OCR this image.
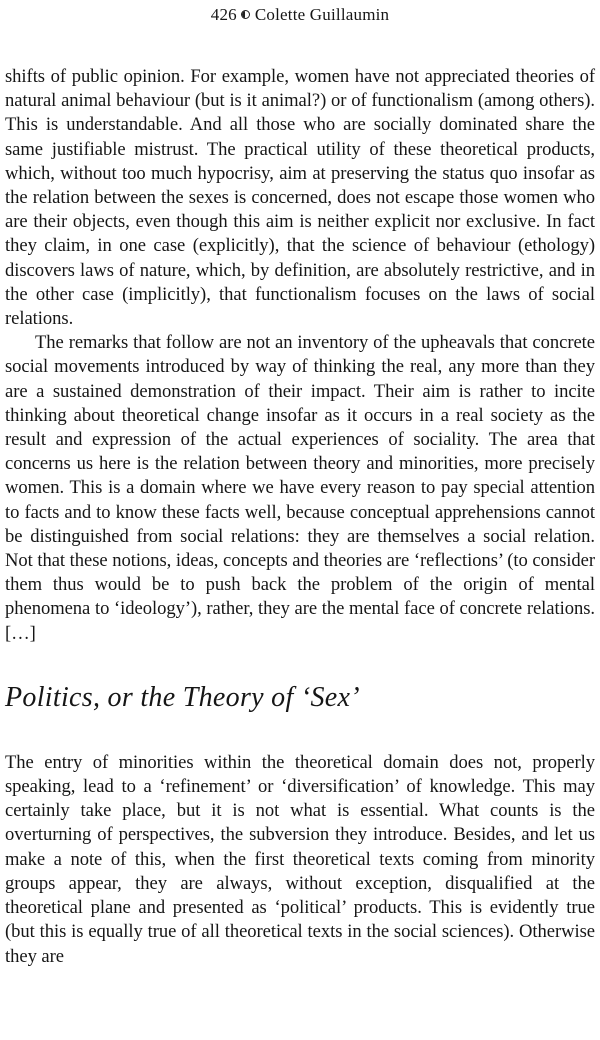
426 Colette Guillaumin

shifts of public opinion. For example, women have not appreciated theories of natural animal behaviour (but is it animal?) or of functionalism (among others). This is understandable. And all those who are socially dominated share the same justifiable mistrust. The practical utility of these theoretical products, which, without too much hypocrisy, aim at preserving the status quo insofar as the relation between the sexes is concerned, does not escape those women who are their objects, even though this aim is neither explicit nor exclusive. In fact they claim, in one case (explicitly), that the science of behaviour (ethology) discovers laws of nature, which, by definition, are absolutely restrictive, and in the other case (implicitly), that functionalism focuses on the laws of social relations.

The remarks that follow are not an inventory of the upheavals that concrete social movements introduced by way of thinking the real, any more than they are a sustained demonstration of their impact. Their aim is rather to incite thinking about theoretical change insofar as it occurs in a real society as the result and expression of the actual experiences of sociality. The area that concerns us here is the relation between theory and minorities, more precisely women. This is a domain where we have every reason to pay special attention to facts and to know these facts well, because conceptual apprehensions cannot be distinguished from social relations: they are themselves a social relation. Not that these notions, ideas, concepts and theories are ‘reflections’ (to consider them thus would be to push back the problem of the origin of mental phenomena to ‘ideology’), rather, they are the mental face of concrete relations. […]

Politics, or the Theory of ‘Sex’

The entry of minorities within the theoretical domain does not, properly speaking, lead to a ‘refinement’ or ‘diversification’ of knowledge. This may certainly take place, but it is not what is essential. What counts is the overturning of perspectives, the subversion they introduce. Besides, and let us make a note of this, when the first theoretical texts coming from minority groups appear, they are always, without exception, disqualified at the theoretical plane and presented as ‘political’ products. This is evidently true (but this is equally true of all theoretical texts in the social sciences). Otherwise they are
